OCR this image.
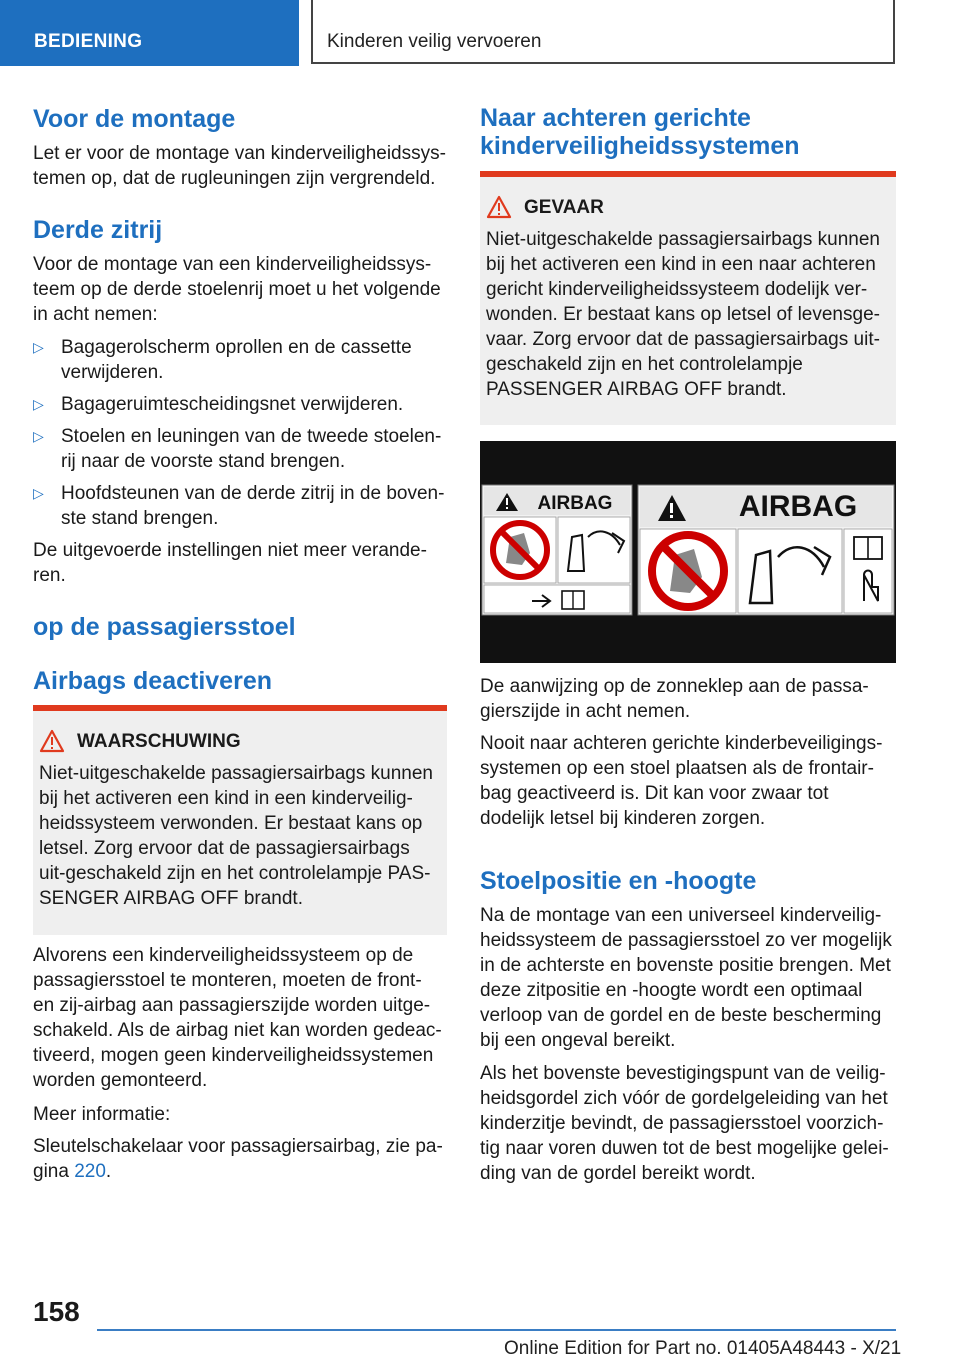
BEDIENING	Kinderen veilig vervoeren
Voor de montage

Let er voor de montage van kinderveiligheidssys-temen op, dat de rugleuningen zijn vergrendeld.

Derde zitrij

Voor de montage van een kinderveiligheidssys-teem op de derde stoelenrij moet u het volgende in acht nemen:

▷ Bagagerolscherm oprollen en de cassette verwijderen.
▷ Bagageruimtescheidingsnet verwijderen.
▷ Stoelen en leuningen van de tweede stoelen-rij naar de voorste stand brengen.
▷ Hoofdsteunen van de derde zitrij in de boven-ste stand brengen.

De uitgevoerde instellingen niet meer verande-ren.

op de passagiersstoel
Airbags deactiveren
WAARSCHUWING
Niet-uitgeschakelde passagiersairbags kunnen bij het activeren een kind in een kinderveilig-heidssysteem verwonden. Er bestaat kans op letsel. Zorg ervoor dat de passagiersairbags uit-geschakeld zijn en het controlelampje PAS-SENGER AIRBAG OFF brandt.

Alvorens een kinderveiligheidssysteem op de passagiersstoel te monteren, moeten de front- en zij-airbag aan passagierszijde worden uitge-schakeld. Als de airbag niet kan worden gedeac-tiveerd, mogen geen kinderveiligheidssystemen worden gemonteerd.

Meer informatie:

Sleutelschakelaar voor passagiersairbag, zie pa-gina 220.

Naar achteren gerichte kinderveiligheidssystemen
GEVAAR
Niet-uitgeschakelde passagiersairbags kunnen bij het activeren een kind in een naar achteren gericht kinderveiligheidssysteem dodelijk ver-wonden. Er bestaat kans op letsel of levensge-vaar. Zorg ervoor dat de passagiersairbags uit-geschakeld zijn en het controlelampje PASSENGER AIRBAG OFF brandt.
AIRBAG	AIRBAG

De aanwijzing op de zonneklep aan de passa-gierszijde in acht nemen.

Nooit naar achteren gerichte kinderbeveiligings-systemen op een stoel plaatsen als de frontair-bag geactiveerd is. Dit kan voor zwaar tot dodelijk letsel bij kinderen zorgen.

Stoelpositie en -hoogte

Na de montage van een universeel kinderveilig-heidssysteem de passagiersstoel zo ver mogelijk in de achterste en bovenste positie brengen. Met deze zitpositie en -hoogte wordt een optimaal verloop van de gordel en de beste bescherming bij een ongeval bereikt.

Als het bovenste bevestigingspunt van de veilig-heidsgordel zich vóór de gordelgeleiding van het kinderzitje bevindt, de passagiersstoel voorzich-tig naar voren duwen tot de best mogelijke gelei-ding van de gordel bereikt wordt.

158
Online Edition for Part no. 01405A48443 - X/21
